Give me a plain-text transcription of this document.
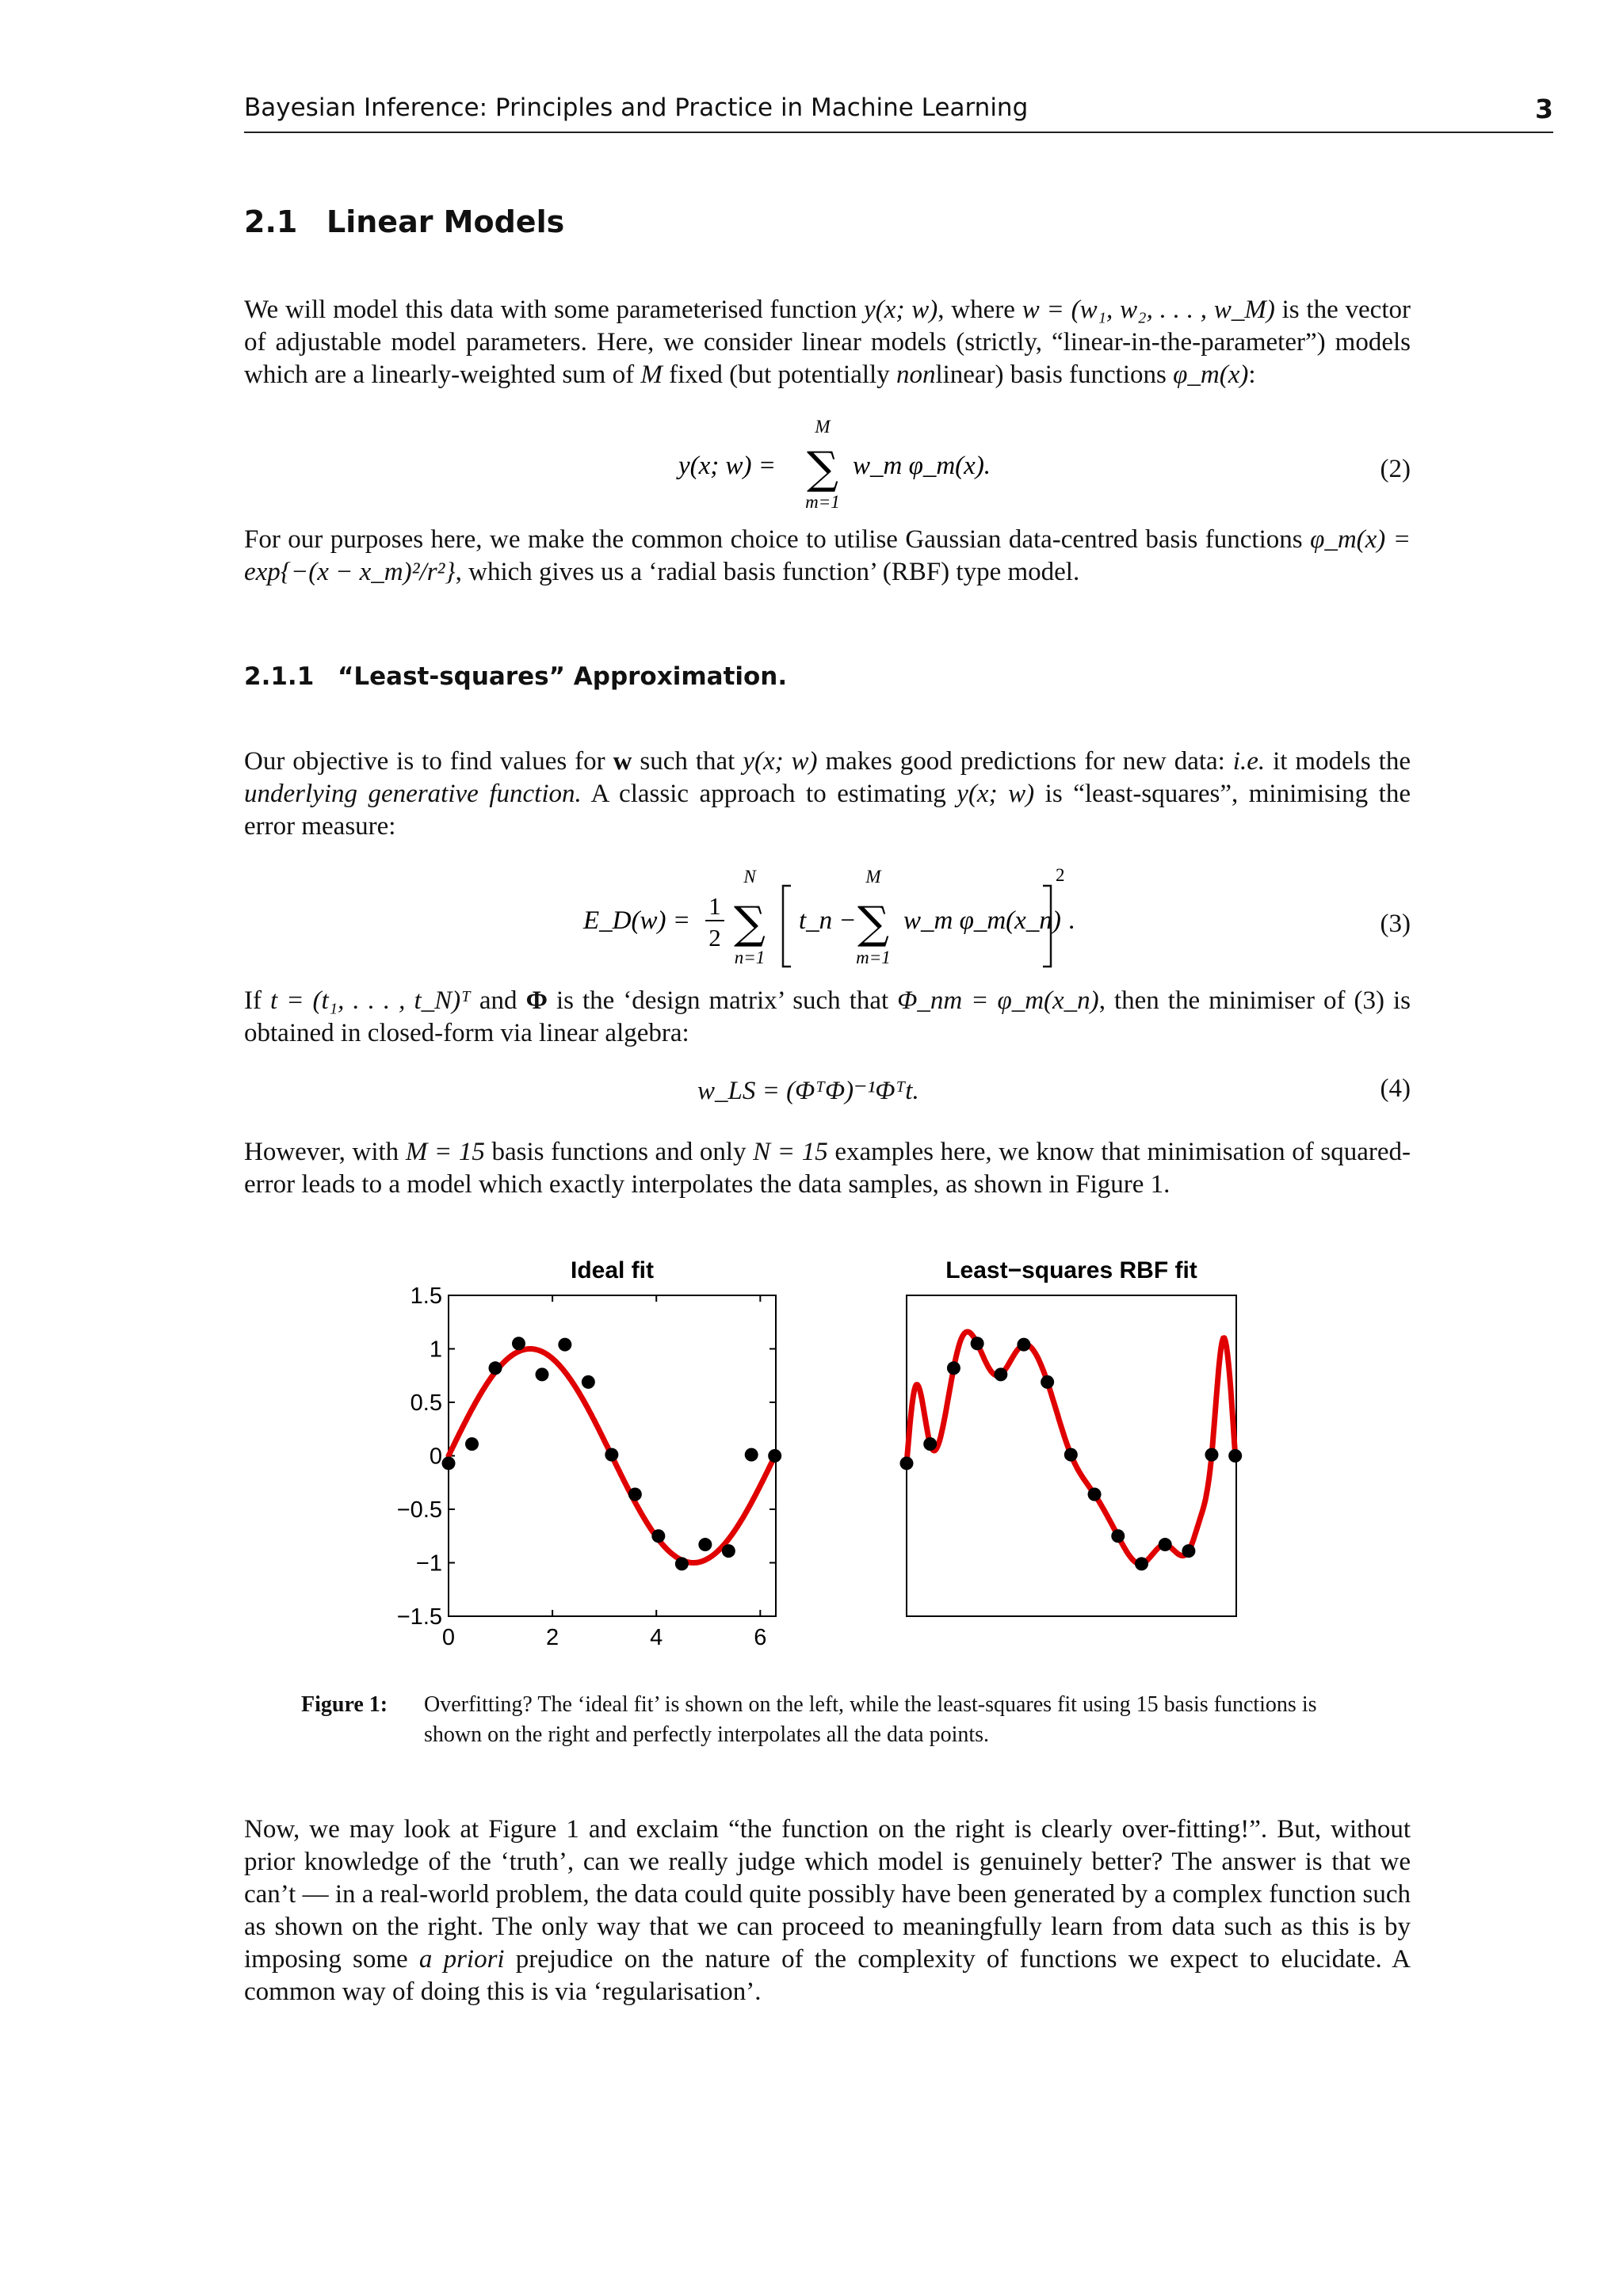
Bayesian Inference: Principles and Practice in Machine Learning	3
2.1 Linear Models

We will model this data with some parameterised function y(x; w), where w = (w₁, w₂, . . . , w_M) is the vector of adjustable model parameters. Here, we consider linear models (strictly, “linear-in-the-parameter”) models which are a linearly-weighted sum of M fixed (but potentially nonlinear) basis functions φ_m(x):

y(x; w) =
M
∑
m=1
w_m φ_m(x).	(2)

For our purposes here, we make the common choice to utilise Gaussian data-centred basis functions φ_m(x) = exp{−(x − x_m)²/r²}, which gives us a ‘radial basis function’ (RBF) type model.

2.1.1 “Least-squares” Approximation.

Our objective is to find values for w such that y(x; w) makes good predictions for new data: i.e. it models the underlying generative function. A classic approach to estimating y(x; w) is “least-squares”, minimising the error measure:

E_D(w) =
1
2
N
∑
n=1
t_n −
M
∑
m=1
w_m φ_m(x_n)
2
.	(3)

If t = (t₁, . . . , t_N)ᵀ and Φ is the ‘design matrix’ such that Φ_nm = φ_m(x_n), then the minimiser of (3) is obtained in closed-form via linear algebra:

w_LS = (ΦᵀΦ)⁻¹Φᵀt.	(4)

However, with M = 15 basis functions and only N = 15 examples here, we know that minimisation of squared-error leads to a model which exactly interpolates the data samples, as shown in Figure 1.

Ideal fit
1.5
1
0.5
0
−0.5
−1
−1.5
0	2	4	6
Least−squares RBF fit
Figure 1: Overfitting? The ‘ideal fit’ is shown on the left, while the least-squares fit using 15 basis functions is shown on the right and perfectly interpolates all the data points.

Now, we may look at Figure 1 and exclaim “the function on the right is clearly over-fitting!”. But, without prior knowledge of the ‘truth’, can we really judge which model is genuinely better? The answer is that we can’t — in a real-world problem, the data could quite possibly have been generated by a complex function such as shown on the right. The only way that we can proceed to meaningfully learn from data such as this is by imposing some a priori prejudice on the nature of the complexity of functions we expect to elucidate. A common way of doing this is via ‘regularisation’.
